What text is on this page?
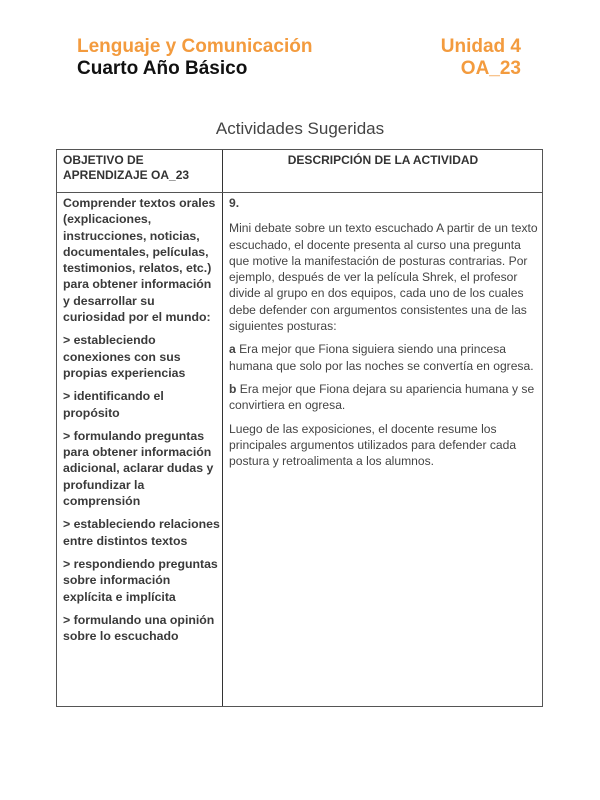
Lenguaje y Comunicación
Cuarto Año Básico
Unidad 4
OA_23
Actividades Sugeridas
OBJETIVO DE APRENDIZAJE OA_23
DESCRIPCIÓN DE LA ACTIVIDAD

Comprender textos orales (explicaciones, instrucciones, noticias, documentales, películas, testimonios, relatos, etc.) para obtener información y desarrollar su curiosidad por el mundo:

> estableciendo conexiones con sus propias experiencias

> identificando el propósito

> formulando preguntas para obtener información adicional, aclarar dudas y profundizar la comprensión

> estableciendo relaciones entre distintos textos

> respondiendo preguntas sobre información explícita e implícita

> formulando una opinión sobre lo escuchado

9.

Mini debate sobre un texto escuchado A partir de un texto escuchado, el docente presenta al curso una pregunta que motive la manifestación de posturas contrarias. Por ejemplo, después de ver la película Shrek, el profesor divide al grupo en dos equipos, cada uno de los cuales debe defender con argumentos consistentes una de las siguientes posturas:

a Era mejor que Fiona siguiera siendo una princesa humana que solo por las noches se convertía en ogresa.

b Era mejor que Fiona dejara su apariencia humana y se convirtiera en ogresa.

Luego de las exposiciones, el docente resume los principales argumentos utilizados para defender cada postura y retroalimenta a los alumnos.
